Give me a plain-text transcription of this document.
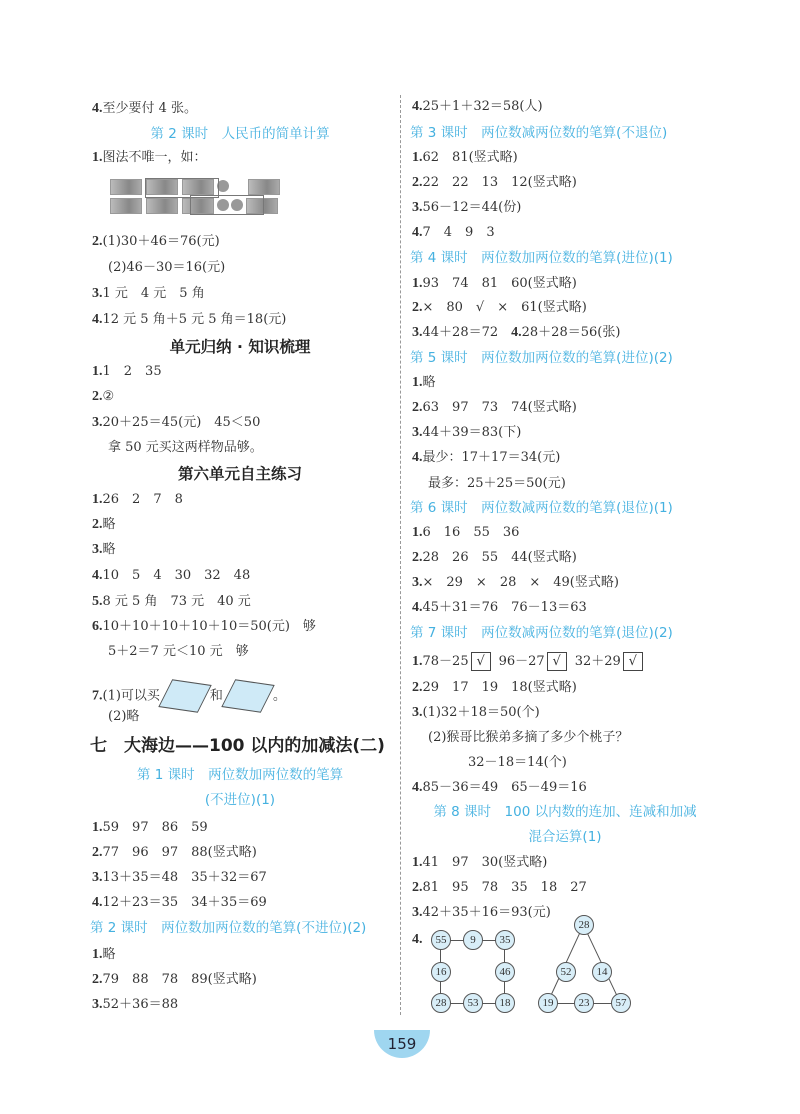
4.至少要付 4 张。
第 2 课时　人民币的简单计算
1.图法不唯一，如：
2.(1)30＋46＝76(元)
(2)46－30＝16(元)
3.1 元　4 元　5 角
4.12 元 5 角＋5 元 5 角＝18(元)
单元归纳 · 知识梳理
1.1　2　35
2.②
3.20＋25＝45(元)　45＜50
拿 50 元买这两样物品够。
第六单元自主练习
1.26　2　7　8
2.略
3.略
4.10　5　4　30　32　48
5.8 元 5 角　73 元　40 元
6.10＋10＋10＋10＋10＝50(元)　够
5＋2＝7 元＜10 元　够
7.(1)可以买	和	。
(2)略
七　大海边——100 以内的加减法(二)
第 1 课时　两位数加两位数的笔算
(不进位)(1)
1.59　97　86　59
2.77　96　97　88(竖式略)
3.13＋35＝48　35＋32＝67
4.12＋23＝35　34＋35＝69
第 2 课时　两位数加两位数的笔算(不进位)(2)
1.略
2.79　88　78　89(竖式略)
3.52＋36＝88
4.25＋1＋32＝58(人)
第 3 课时　两位数减两位数的笔算(不退位)
1.62　81(竖式略)
2.22　22　13　12(竖式略)
3.56－12＝44(份)
4.7　4　9　3
第 4 课时　两位数加两位数的笔算(进位)(1)
1.93　74　81　60(竖式略)
2.×　80　√　×　61(竖式略)
3.44＋28＝72　4.28＋28＝56(张)
第 5 课时　两位数加两位数的笔算(进位)(2)
1.略
2.63　97　73　74(竖式略)
3.44＋39＝83(下)
4.最少：17＋17＝34(元)
最多：25＋25＝50(元)
第 6 课时　两位数减两位数的笔算(退位)(1)
1.6　16　55　36
2.28　26　55　44(竖式略)
3.×　29　×　28　×　49(竖式略)
4.45＋31＝76　76－13＝63
第 7 课时　两位数减两位数的笔算(退位)(2)
1.78－25 √ 96－27 √ 32＋29 √
2.29　17　19　18(竖式略)
3.(1)32＋18＝50(个)
(2)猴哥比猴弟多摘了多少个桃子？
32－18＝14(个)
4.85－36＝49　65－49＝16
第 8 课时　100 以内数的连加、连减和加减
混合运算(1)
1.41　97　30(竖式略)
2.81　95　78　35　18　27
3.42＋35＋16＝93(元)
4.	55	9	35
16	46
28	53	18
28
52	14
19	23	57
159
